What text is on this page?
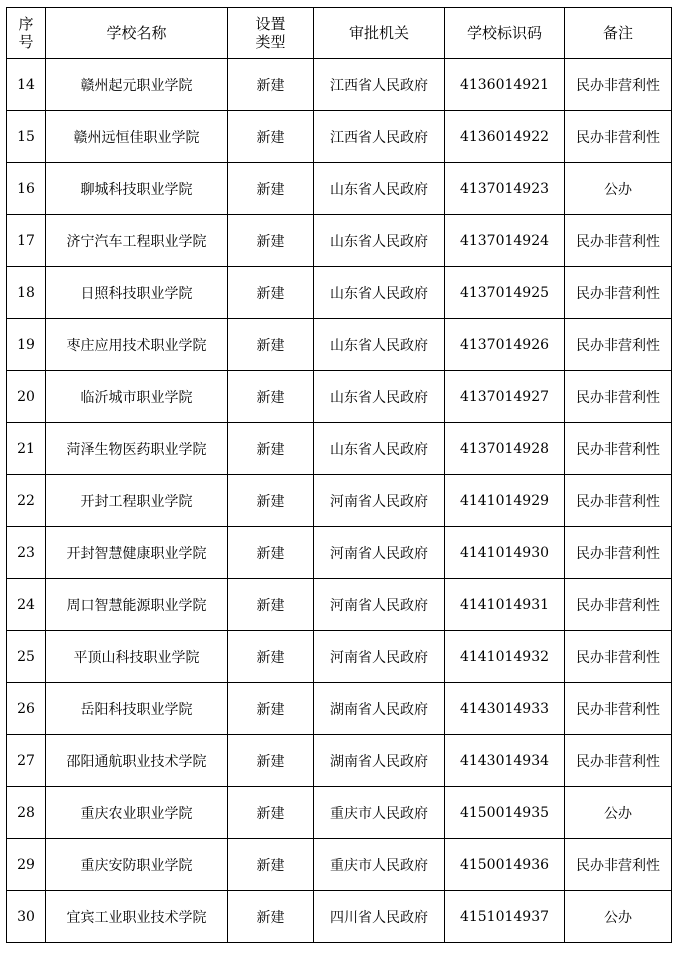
序号	学校名称	设置类型	审批机关	学校标识码	备注
14	赣州起元职业学院	新建	江西省人民政府	4136014921	民办非营利性
15	赣州远恒佳职业学院	新建	江西省人民政府	4136014922	民办非营利性
16	聊城科技职业学院	新建	山东省人民政府	4137014923	公办
17	济宁汽车工程职业学院	新建	山东省人民政府	4137014924	民办非营利性
18	日照科技职业学院	新建	山东省人民政府	4137014925	民办非营利性
19	枣庄应用技术职业学院	新建	山东省人民政府	4137014926	民办非营利性
20	临沂城市职业学院	新建	山东省人民政府	4137014927	民办非营利性
21	菏泽生物医药职业学院	新建	山东省人民政府	4137014928	民办非营利性
22	开封工程职业学院	新建	河南省人民政府	4141014929	民办非营利性
23	开封智慧健康职业学院	新建	河南省人民政府	4141014930	民办非营利性
24	周口智慧能源职业学院	新建	河南省人民政府	4141014931	民办非营利性
25	平顶山科技职业学院	新建	河南省人民政府	4141014932	民办非营利性
26	岳阳科技职业学院	新建	湖南省人民政府	4143014933	民办非营利性
27	邵阳通航职业技术学院	新建	湖南省人民政府	4143014934	民办非营利性
28	重庆农业职业学院	新建	重庆市人民政府	4150014935	公办
29	重庆安防职业学院	新建	重庆市人民政府	4150014936	民办非营利性
30	宜宾工业职业技术学院	新建	四川省人民政府	4151014937	公办
